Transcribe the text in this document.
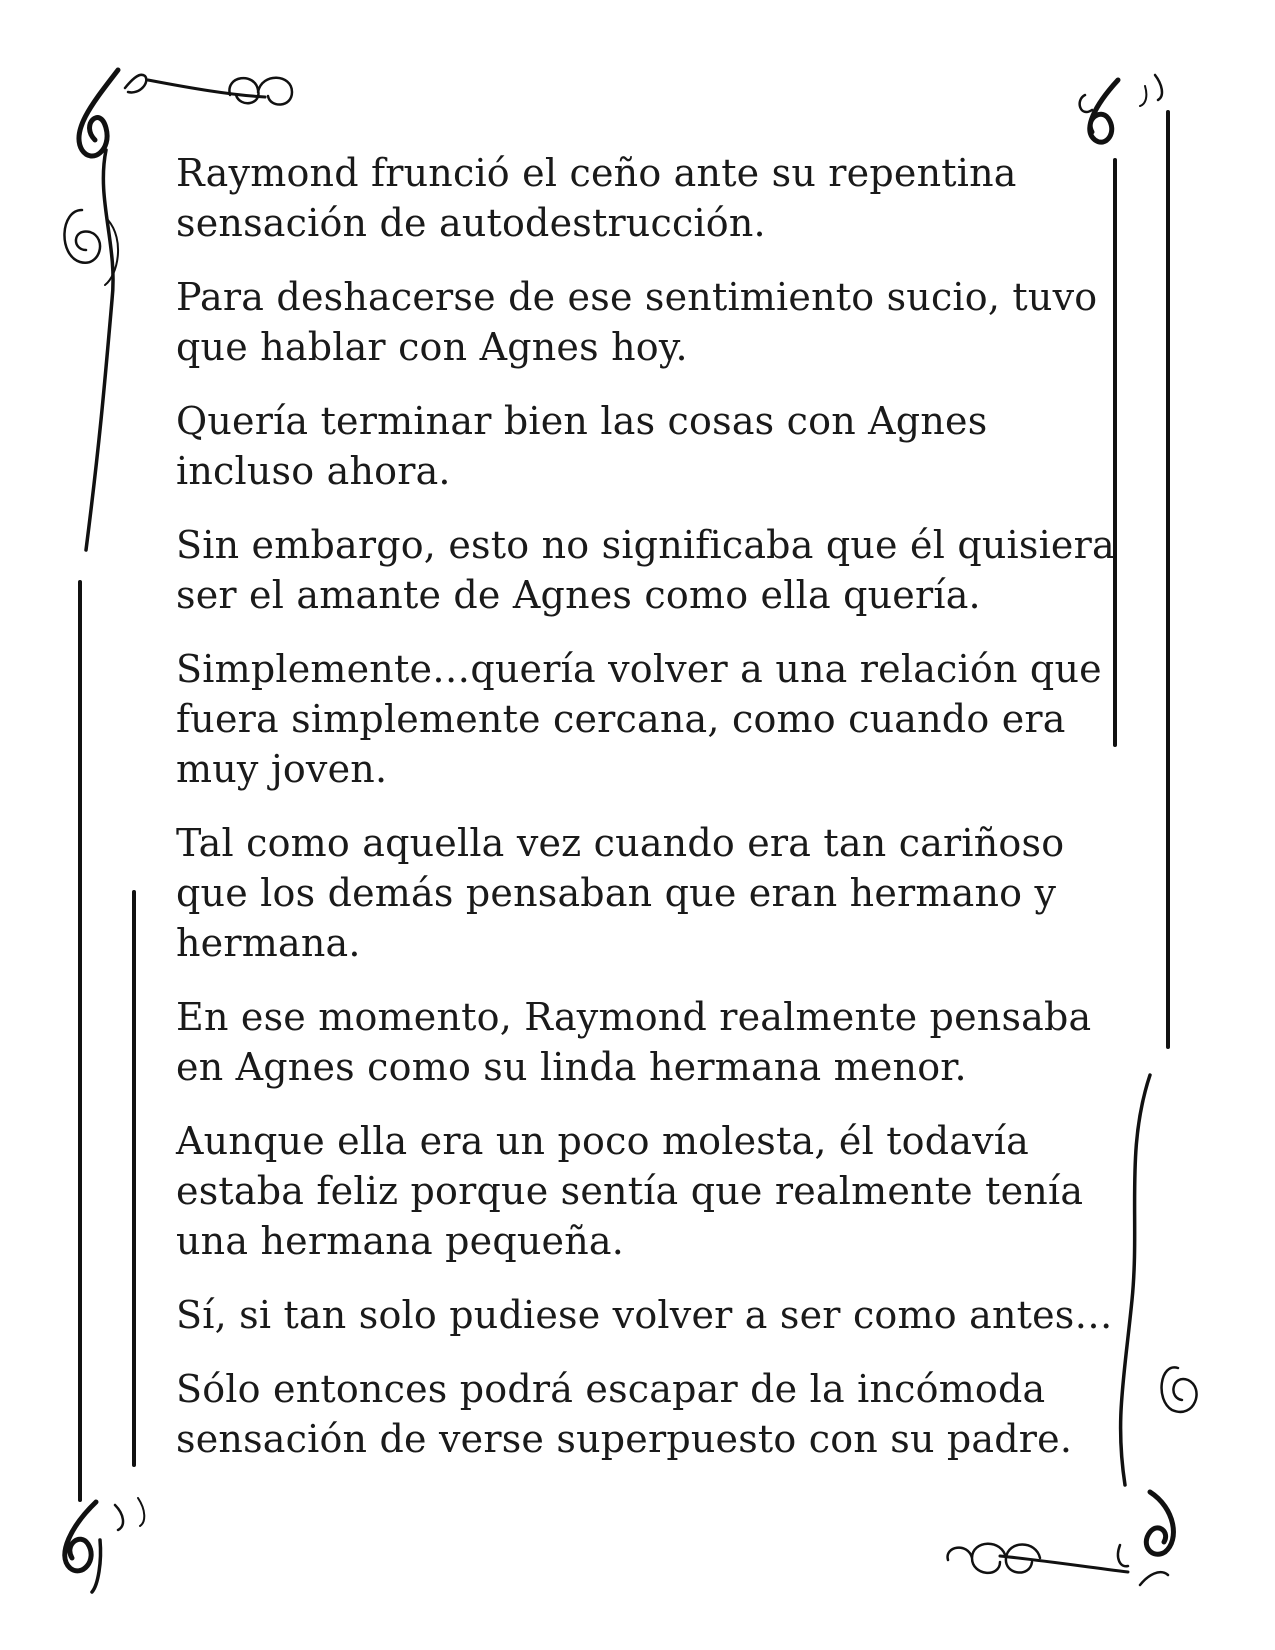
Raymond frunció el ceño ante su repentina sensación de autodestrucción.

Para deshacerse de ese sentimiento sucio, tuvo que hablar con Agnes hoy.

Quería terminar bien las cosas con Agnes incluso ahora.

Sin embargo, esto no significaba que él quisiera ser el amante de Agnes como ella quería.

Simplemente…quería volver a una relación que fuera simplemente cercana, como cuando era muy joven.

Tal como aquella vez cuando era tan cariñoso que los demás pensaban que eran hermano y hermana.

En ese momento, Raymond realmente pensaba en Agnes como su linda hermana menor.

Aunque ella era un poco molesta, él todavía estaba feliz porque sentía que realmente tenía una hermana pequeña.

Sí, si tan solo pudiese volver a ser como antes…

Sólo entonces podrá escapar de la incómoda sensación de verse superpuesto con su padre.
